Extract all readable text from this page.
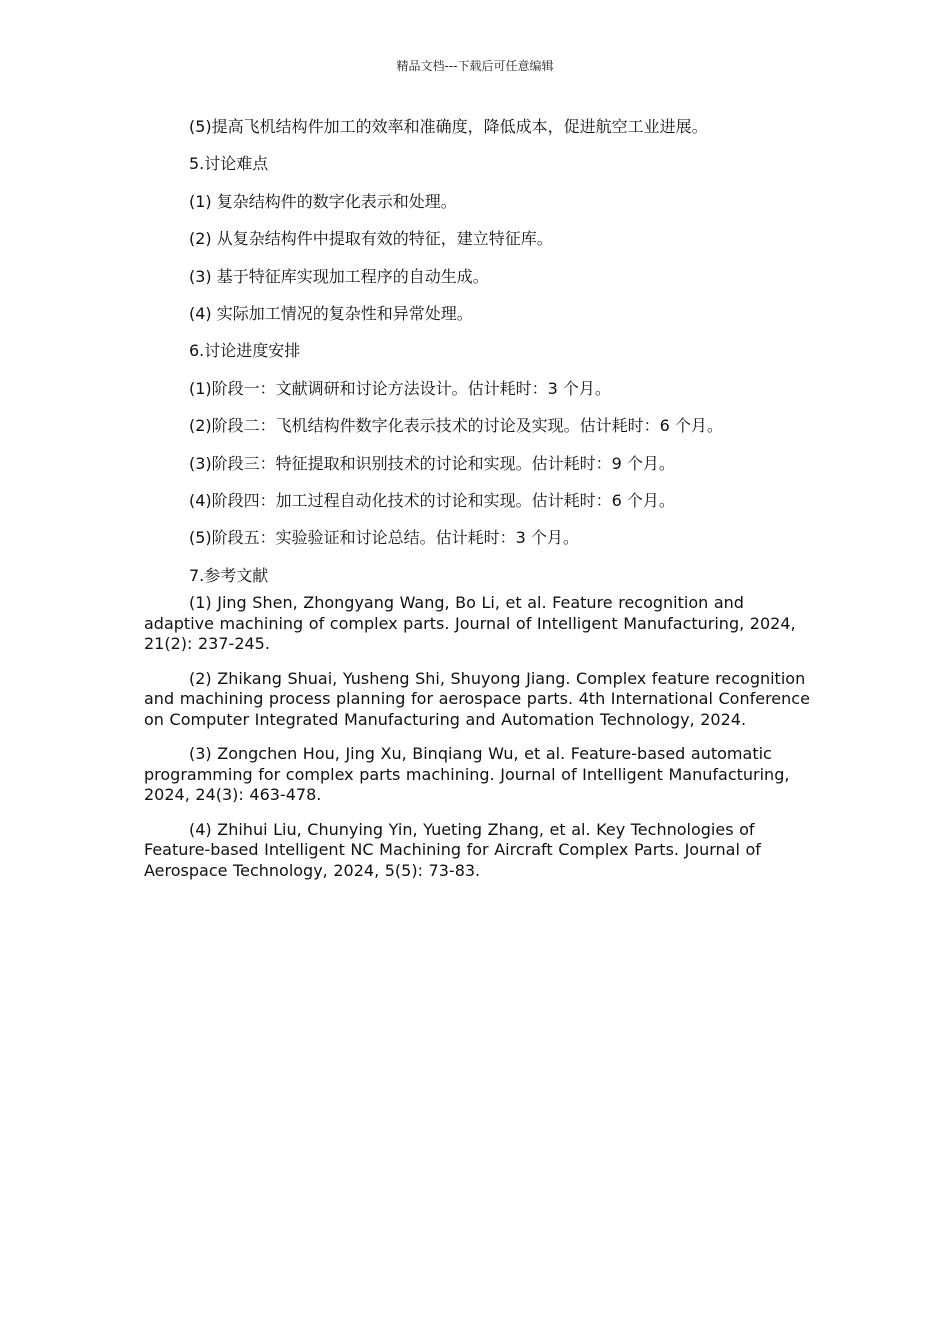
精品文档---下载后可任意编辑
(5)提高飞机结构件加工的效率和准确度，降低成本，促进航空工业进展。
5.讨论难点
(1) 复杂结构件的数字化表示和处理。
(2) 从复杂结构件中提取有效的特征，建立特征库。
(3) 基于特征库实现加工程序的自动生成。
(4) 实际加工情况的复杂性和异常处理。
6.讨论进度安排
(1)阶段一：文献调研和讨论方法设计。估计耗时：3 个月。
(2)阶段二：飞机结构件数字化表示技术的讨论及实现。估计耗时：6 个月。
(3)阶段三：特征提取和识别技术的讨论和实现。估计耗时：9 个月。
(4)阶段四：加工过程自动化技术的讨论和实现。估计耗时：6 个月。
(5)阶段五：实验验证和讨论总结。估计耗时：3 个月。
7.参考文献
(1) Jing Shen, Zhongyang Wang, Bo Li, et al. Feature recognition and adaptive machining of complex parts. Journal of Intelligent Manufacturing, 2024, 21(2): 237-245.
(2) Zhikang Shuai, Yusheng Shi, Shuyong Jiang. Complex feature recognition and machining process planning for aerospace parts. 4th International Conference on Computer Integrated Manufacturing and Automation Technology, 2024.
(3) Zongchen Hou, Jing Xu, Binqiang Wu, et al. Feature-based automatic programming for complex parts machining. Journal of Intelligent Manufacturing, 2024, 24(3): 463-478.
(4) Zhihui Liu, Chunying Yin, Yueting Zhang, et al. Key Technologies of Feature-based Intelligent NC Machining for Aircraft Complex Parts. Journal of Aerospace Technology, 2024, 5(5): 73-83.
